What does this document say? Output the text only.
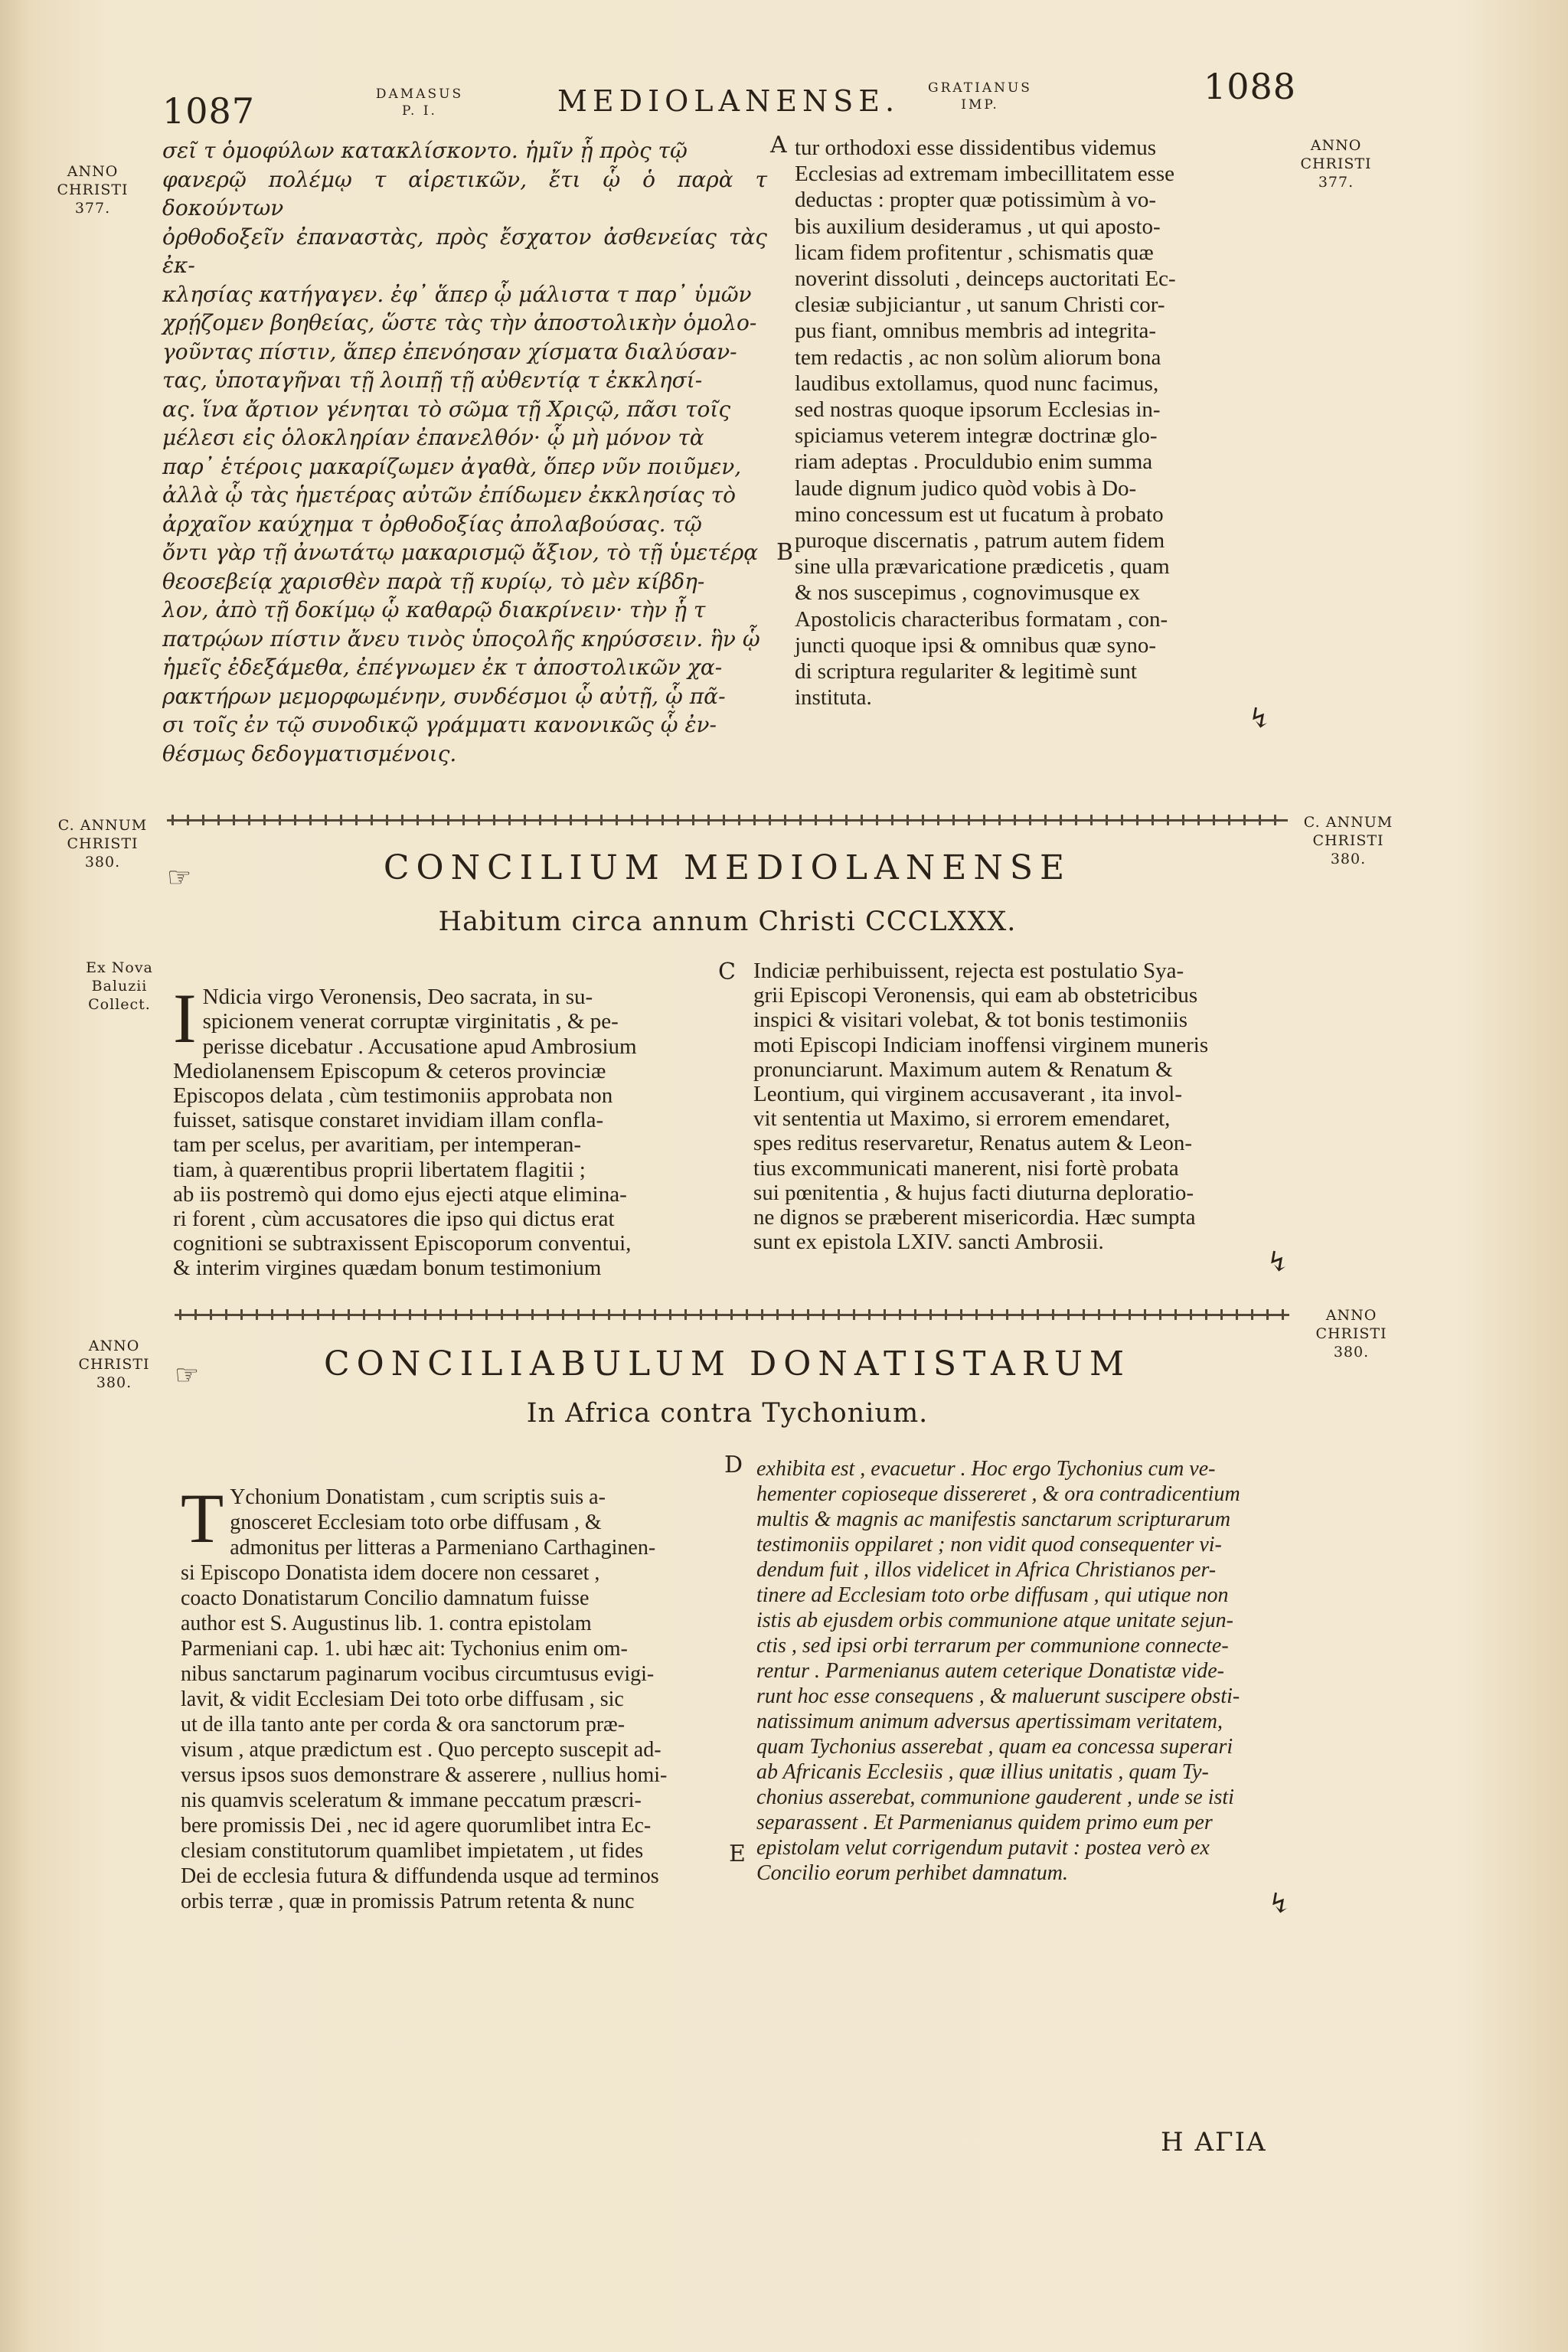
1087	DAMASUS
P. I.	MEDIOLANENSE. GRATIANUS
IMP.	1088
ANNO
CHRISTI
377.
ANNO
CHRISTI
377.
C. ANNUM
CHRISTI
380.
C. ANNUM
CHRISTI
380.
Ex Nova
Baluzii
Collect.
ANNO
CHRISTI
380.
ANNO
CHRISTI
380.
σεῖ τ ὁμοφύλων κατακλίσκοντο. ἡμῖν ᾗ πρὸς τῷ
φανερῷ πολέμῳ τ αἱρετικῶν, ἔτι ᾧ ὁ παρὰ τ δοκούντων
ὀρθοδοξεῖν ἐπαναστὰς, πρὸς ἔσχατον ἀσθενείας τὰς ἐκ-
κλησίας κατήγαγεν. ἐφ᾽ ἅπερ ᾧ μάλιστα τ παρ᾽ ὑμῶν
χρῄζομεν βοηθείας, ὥστε τὰς τὴν ἀποστολικὴν ὁμολο-
γοῦντας πίστιν, ἅπερ ἐπενόησαν χίσματα διαλύσαν-
τας, ὑποταγῆναι τῇ λοιπῇ τῇ αὐθεντίᾳ τ ἐκκλησί-
ας. ἵνα ἄρτιον γένηται τὸ σῶμα τῇ Χριςῷ, πᾶσι τοῖς
μέλεσι εἰς ὁλοκληρίαν ἐπανελθόν· ᾧ μὴ μόνον τὰ
παρ᾽ ἑτέροις μακαρίζωμεν ἀγαθὰ, ὅπερ νῦν ποιῦμεν,
ἀλλὰ ᾧ τὰς ἡμετέρας αὐτῶν ἐπίδωμεν ἐκκλησίας τὸ
ἀρχαῖον καύχημα τ ὀρθοδοξίας ἀπολαβούσας. τῷ
ὄντι γὰρ τῇ ἀνωτάτῳ μακαρισμῷ ἄξιον, τὸ τῇ ὑμετέρᾳ
θεοσεβείᾳ χαρισθὲν παρὰ τῇ κυρίῳ, τὸ μὲν κίβδη-
λον, ἀπὸ τῇ δοκίμῳ ᾧ καθαρῷ διακρίνειν· τὴν ᾗ τ
πατρῴων πίστιν ἄνευ τινὸς ὑποςολῆς κηρύσσειν. ἣν ᾧ
ἡμεῖς ἐδεξάμεθα, ἐπέγνωμεν ἐκ τ ἀποστολικῶν χα-
ρακτήρων μεμορφωμένην, συνδέσμοι ᾧ αὐτῇ, ᾧ πᾶ-
σι τοῖς ἐν τῷ συνοδικῷ γράμματι κανονικῶς ᾧ ἐν-
θέσμως δεδογματισμένοις.
A
B
tur orthodoxi esse dissidentibus videmus
Ecclesias ad extremam imbecillitatem esse
deductas : propter quæ potissimùm à vo-
bis auxilium desideramus , ut qui aposto-
licam fidem profitentur , schismatis quæ
noverint dissoluti , deinceps auctoritati Ec-
clesiæ subjiciantur , ut sanum Christi cor-
pus fiant, omnibus membris ad integrita-
tem redactis , ac non solùm aliorum bona
laudibus extollamus, quod nunc facimus,
sed nostras quoque ipsorum Ecclesias in-
spiciamus veterem integræ doctrinæ glo-
riam adeptas . Proculdubio enim summa
laude dignum judico quòd vobis à Do-
mino concessum est ut fucatum à probato
puroque discernatis , patrum autem fidem
sine ulla prævaricatione prædicetis , quam
& nos suscepimus , cognovimusque ex
Apostolicis characteribus formatam , con-
juncti quoque ipsi & omnibus quæ syno-
di scriptura regulariter & legitimè sunt
instituta.
↯
☞	CONCILIUM MEDIOLANENSE
Habitum circa annum Christi CCCLXXX.

I Ndicia virgo Veronensis, Deo sacrata, in su-
spicionem venerat corruptæ virginitatis , & pe-
perisse dicebatur . Accusatione apud Ambrosium
Mediolanensem Episcopum & ceteros provinciæ
Episcopos delata , cùm testimoniis approbata non
fuisset, satisque constaret invidiam illam confla-
tam per scelus, per avaritiam, per intemperan-
tiam, à quærentibus proprii libertatem flagitii ;
ab iis postremò qui domo ejus ejecti atque elimina-
ri forent , cùm accusatores die ipso qui dictus erat
cognitioni se subtraxissent Episcoporum conventui,
& interim virgines quædam bonum testimonium

C Indiciæ perhibuissent, rejecta est postulatio Sya-
grii Episcopi Veronensis, qui eam ab obstetricibus
inspici & visitari volebat, & tot bonis testimoniis
moti Episcopi Indiciam inoffensi virginem muneris
pronunciarunt. Maximum autem & Renatum &
Leontium, qui virginem accusaverant , ita invol-
vit sententia ut Maximo, si errorem emendaret,
spes reditus reservaretur, Renatus autem & Leon-
tius excommunicati manerent, nisi fortè probata
sui pœnitentia , & hujus facti diuturna deploratio-
ne dignos se præberent misericordia. Hæc sumpta
sunt ex epistola LXIV. sancti Ambrosii.
↯
☞	CONCILIABULUM DONATISTARUM
In Africa contra Tychonium.

T Ychonium Donatistam , cum scriptis suis a-
gnosceret Ecclesiam toto orbe diffusam , &
admonitus per litteras a Parmeniano Carthaginen-
si Episcopo Donatista idem docere non cessaret ,
coacto Donatistarum Concilio damnatum fuisse
author est S. Augustinus lib. 1. contra epistolam
Parmeniani cap. 1. ubi hæc ait: Tychonius enim om-
nibus sanctarum paginarum vocibus circumtusus evigi-
lavit, & vidit Ecclesiam Dei toto orbe diffusam , sic
ut de illa tanto ante per corda & ora sanctorum præ-
visum , atque prædictum est . Quo percepto suscepit ad-
versus ipsos suos demonstrare & asserere , nullius homi-
nis quamvis sceleratum & immane peccatum præscri-
bere promissis Dei , nec id agere quorumlibet intra Ec-
clesiam constitutorum quamlibet impietatem , ut fides
Dei de ecclesia futura & diffundenda usque ad terminos
orbis terræ , quæ in promissis Patrum retenta & nunc

D
E
exhibita est , evacuetur . Hoc ergo Tychonius cum ve-
hementer copioseque dissereret , & ora contradicentium
multis & magnis ac manifestis sanctarum scripturarum
testimoniis oppilaret ; non vidit quod consequenter vi-
dendum fuit , illos videlicet in Africa Christianos per-
tinere ad Ecclesiam toto orbe diffusam , qui utique non
istis ab ejusdem orbis communione atque unitate sejun-
ctis , sed ipsi orbi terrarum per communione connecte-
rentur . Parmenianus autem ceterique Donatistæ vide-
runt hoc esse consequens , & maluerunt suscipere obsti-
natissimum animum adversus apertissimam veritatem,
quam Tychonius asserebat , quam ea concessa superari
ab Africanis Ecclesiis , quæ illius unitatis , quam Ty-
chonius asserebat, communione gauderent , unde se isti
separassent . Et Parmenianus quidem primo eum per
epistolam velut corrigendum putavit : postea verò ex
Concilio eorum perhibet damnatum.
↯
Η ΑΓΙΑ
